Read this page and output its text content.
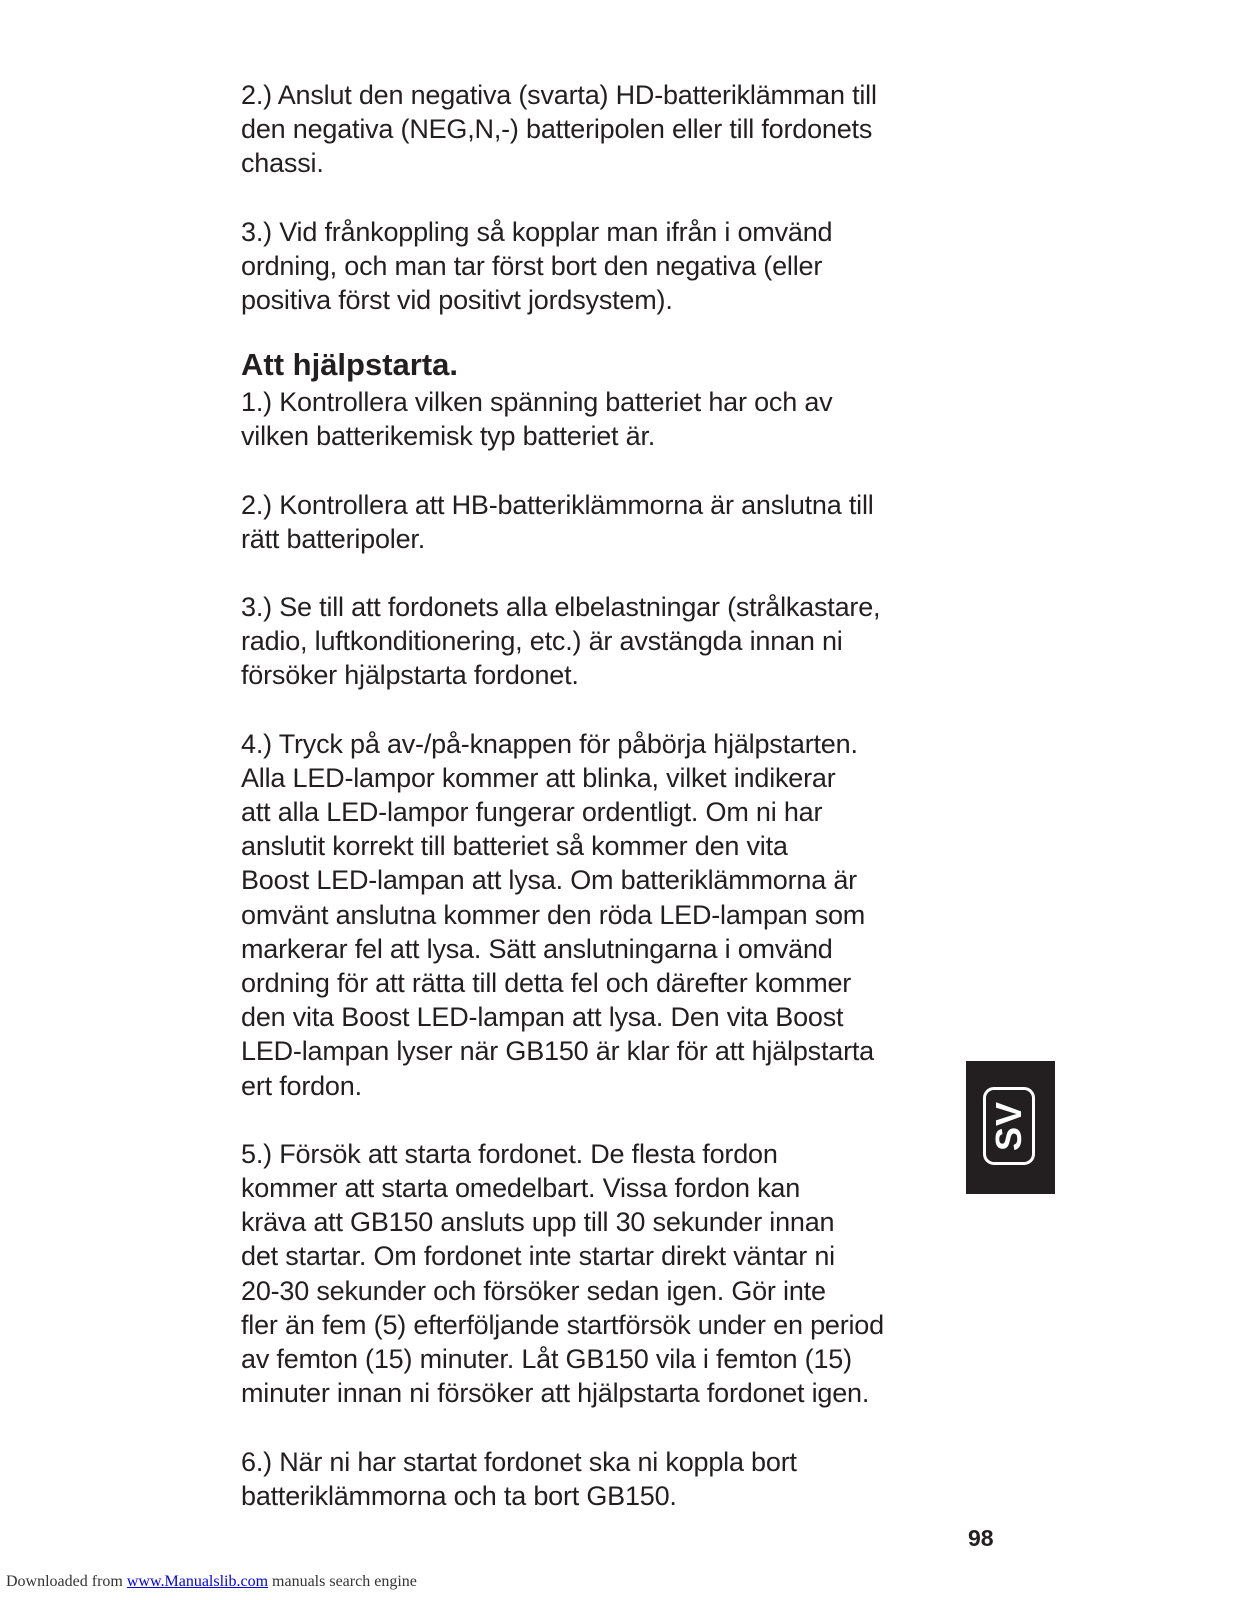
2.) Anslut den negativa (svarta) HD-batteriklämman till
den negativa (NEG,N,-) batteripolen eller till fordonets
chassi.

3.) Vid frånkoppling så kopplar man ifrån i omvänd
ordning, och man tar först bort den negativa (eller
positiva först vid positivt jordsystem).

Att hjälpstarta.

1.) Kontrollera vilken spänning batteriet har och av
vilken batterikemisk typ batteriet är.

2.) Kontrollera att HB-batteriklämmorna är anslutna till
rätt batteripoler.

3.) Se till att fordonets alla elbelastningar (strålkastare,
radio, luftkonditionering, etc.) är avstängda innan ni
försöker hjälpstarta fordonet.

4.) Tryck på av-/på-knappen för påbörja hjälpstarten.
Alla LED-lampor kommer att blinka, vilket indikerar
att alla LED-lampor fungerar ordentligt. Om ni har
anslutit korrekt till batteriet så kommer den vita
Boost LED-lampan att lysa. Om batteriklämmorna är
omvänt anslutna kommer den röda LED-lampan som
markerar fel att lysa. Sätt anslutningarna i omvänd
ordning för att rätta till detta fel och därefter kommer
den vita Boost LED-lampan att lysa. Den vita Boost
LED-lampan lyser när GB150 är klar för att hjälpstarta
ert fordon.

5.) Försök att starta fordonet. De flesta fordon
kommer att starta omedelbart. Vissa fordon kan
kräva att GB150 ansluts upp till 30 sekunder innan
det startar. Om fordonet inte startar direkt väntar ni
20-30 sekunder och försöker sedan igen. Gör inte
fler än fem (5) efterföljande startförsök under en period
av femton (15) minuter. Låt GB150 vila i femton (15)
minuter innan ni försöker att hjälpstarta fordonet igen.

6.) När ni har startat fordonet ska ni koppla bort
batteriklämmorna och ta bort GB150.

SV
98
Downloaded from www.Manualslib.com manuals search engine
